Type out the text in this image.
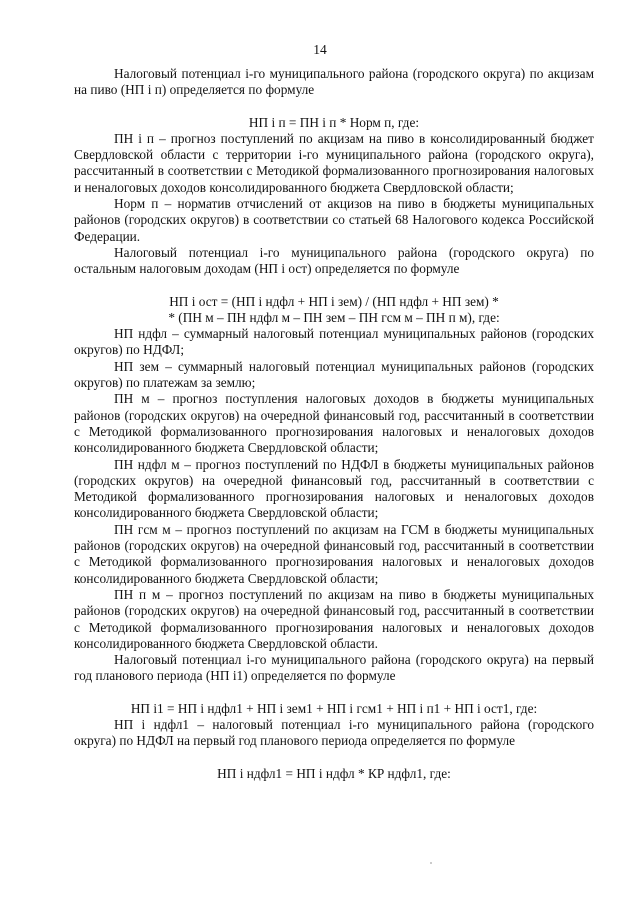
14

Налоговый потенциал i-го муниципального района (городского округа) по акцизам на пиво (НП i п) определяется по формуле

НП i п = ПН i п * Норм п, где:

ПН i п – прогноз поступлений по акцизам на пиво в консолидированный бюджет Свердловской области с территории i-го муниципального района (городского округа), рассчитанный в соответствии с Методикой формализованного прогнозирования налоговых и неналоговых доходов консолидированного бюджета Свердловской области;

Норм п – норматив отчислений от акцизов на пиво в бюджеты муниципальных районов (городских округов) в соответствии со статьей 68 Налогового кодекса Российской Федерации.

Налоговый потенциал i-го муниципального района (городского округа) по остальным налоговым доходам (НП i ост) определяется по формуле

НП i ост = (НП i ндфл + НП i зем) / (НП ндфл + НП зем) *

* (ПН м – ПН ндфл м – ПН зем – ПН гсм м – ПН п м), где:

НП ндфл – суммарный налоговый потенциал муниципальных районов (городских округов) по НДФЛ;

НП зем – суммарный налоговый потенциал муниципальных районов (городских округов) по платежам за землю;

ПН м – прогноз поступления налоговых доходов в бюджеты муниципальных районов (городских округов) на очередной финансовый год, рассчитанный в соответствии с Методикой формализованного прогнозирования налоговых и неналоговых доходов консолидированного бюджета Свердловской области;

ПН ндфл м – прогноз поступлений по НДФЛ в бюджеты муниципальных районов (городских округов) на очередной финансовый год, рассчитанный в соответствии с Методикой формализованного прогнозирования налоговых и неналоговых доходов консолидированного бюджета Свердловской области;

ПН гсм м – прогноз поступлений по акцизам на ГСМ в бюджеты муниципальных районов (городских округов) на очередной финансовый год, рассчитанный в соответствии с Методикой формализованного прогнозирования налоговых и неналоговых доходов консолидированного бюджета Свердловской области;

ПН п м – прогноз поступлений по акцизам на пиво в бюджеты муниципальных районов (городских округов) на очередной финансовый год, рассчитанный в соответствии с Методикой формализованного прогнозирования налоговых и неналоговых доходов консолидированного бюджета Свердловской области.

Налоговый потенциал i-го муниципального района (городского округа) на первый год планового периода (НП i1) определяется по формуле

НП i1 = НП i ндфл1 + НП i зем1 + НП i гсм1 + НП i п1 + НП i ост1, где:

НП i ндфл1 – налоговый потенциал i-го муниципального района (городского округа) по НДФЛ на первый год планового периода определяется по формуле

НП i ндфл1 = НП i ндфл * КР ндфл1, где:
